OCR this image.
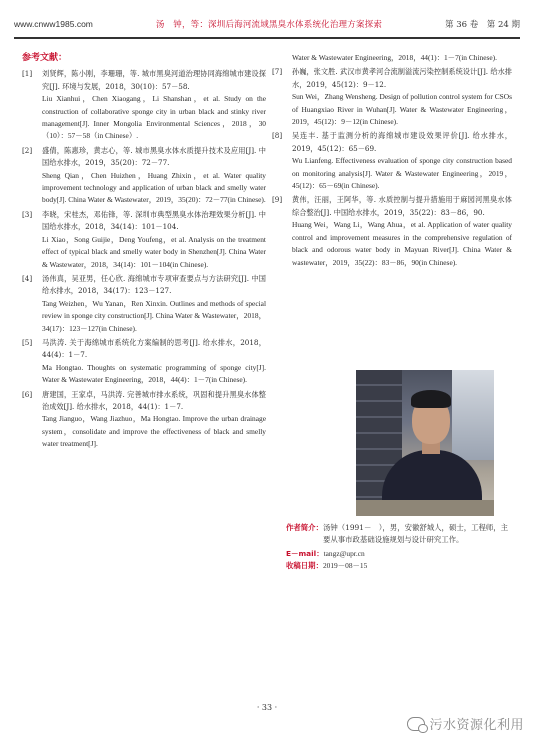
www.cnww1985.com	汤　钟，等：深圳后海河流域黑臭水体系统化治理方案探索	第 36 卷　第 24 期
参考文献：
[1]	刘贤辉，陈小刚，李珊珊，等. 城市黑臭河道治理协同海绵城市建设探究[J]. 环境与发展，2018，30(10)：57－58.
Liu Xianhui，Chen Xiaogang，Li Shanshan，et al. Study on the construction of collaborative sponge city in urban black and stinky river management[J]. Inner Mongolia Environmental Sciences，2018，30（10）：57－58（in Chinese）.
[2]	盛倩，陈惠珍，黄志心，等. 城市黑臭水体水质提升技术及应用[J]. 中国给水排水，2019，35(20)：72－77.
Sheng Qian，Chen Huizhen，Huang Zhixin，et al. Water quality improvement technology and application of urban black and smelly water body[J]. China Water & Wastewater，2019，35(20)：72－77(in Chinese).
[3]	李晓，宋桂杰，邓佑锋，等. 深圳市典型黑臭水体治理效果分析[J]. 中国给水排水，2018，34(14)：101－104.
Li Xiao，Song Guijie，Deng Youfeng，et al. Analysis on the treatment effect of typical black and smelly water body in Shenzhen[J]. China Water & Wastewater，2018，34(14)：101－104(in Chinese).
[4]	汤伟真，吴亚男，任心欣. 海绵城市专项审查要点与方法研究[J]. 中国给水排水，2018，34(17)：123－127.
Tang Weizhen，Wu Yanan，Ren Xinxin. Outlines and methods of special review in sponge city construction[J]. China Water & Wastewater，2018，34(17)：123－127(in Chinese).
[5]	马洪涛. 关于海绵城市系统化方案编制的思考[J]. 给水排水，2018，44(4)：1－7.
Ma Hongtao. Thoughts on systematic programming of sponge city[J]. Water & Wastewater Engineering，2018，44(4)：1－7(in Chinese).
[6]	唐建国，王家卓，马洪涛. 完善城市排水系统，巩固和提升黑臭水体整治成效[J]. 给水排水，2018，44(1)：1－7.
Tang Jianguo，Wang Jiazhuo，Ma Hongtao. Improve the urban drainage system，consolidate and improve the effectiveness of black and smelly water treatment[J].
Water & Wastewater Engineering，2018，44(1)：1－7(in Chinese).
[7]	孙巍，张文胜. 武汉市黄孝河合流制溢流污染控制系统设计[J]. 给水排水，2019，45(12)：9－12.
Sun Wei，Zhang Wensheng. Design of pollution control system for CSOs of Huangxiao River in Wuhan[J]. Water & Wastewater Engineering，2019，45(12)：9－12(in Chinese).
[8]	吴连丰. 基于监测分析的海绵城市建设效果评价[J]. 给水排水，2019，45(12)：65－69.
Wu Lianfeng. Effectiveness evaluation of sponge city construction based on monitoring analysis[J]. Water & Wastewater Engineering，2019，45(12)：65－69(in Chinese).
[9]	黄伟，汪丽，王阿华，等. 水质控制与提升措施用于麻园河黑臭水体综合整治[J]. 中国给水排水，2019，35(22)：83－86，90.
Huang Wei，Wang Li，Wang Ahua，et al. Application of water quality control and improvement measures in the comprehensive regulation of black and odorous water body in Mayuan River[J]. China Water & wastewater，2019，35(22)：83－86，90(in Chinese).
作者简介： 汤钟（1991－　），男，安徽舒城人，硕士，工程师，主要从事市政基础设施规划与设计研究工作。
E－mail： tangz@upr.cn
收稿日期： 2019－08－15
· 33 ·
污水资源化利用
